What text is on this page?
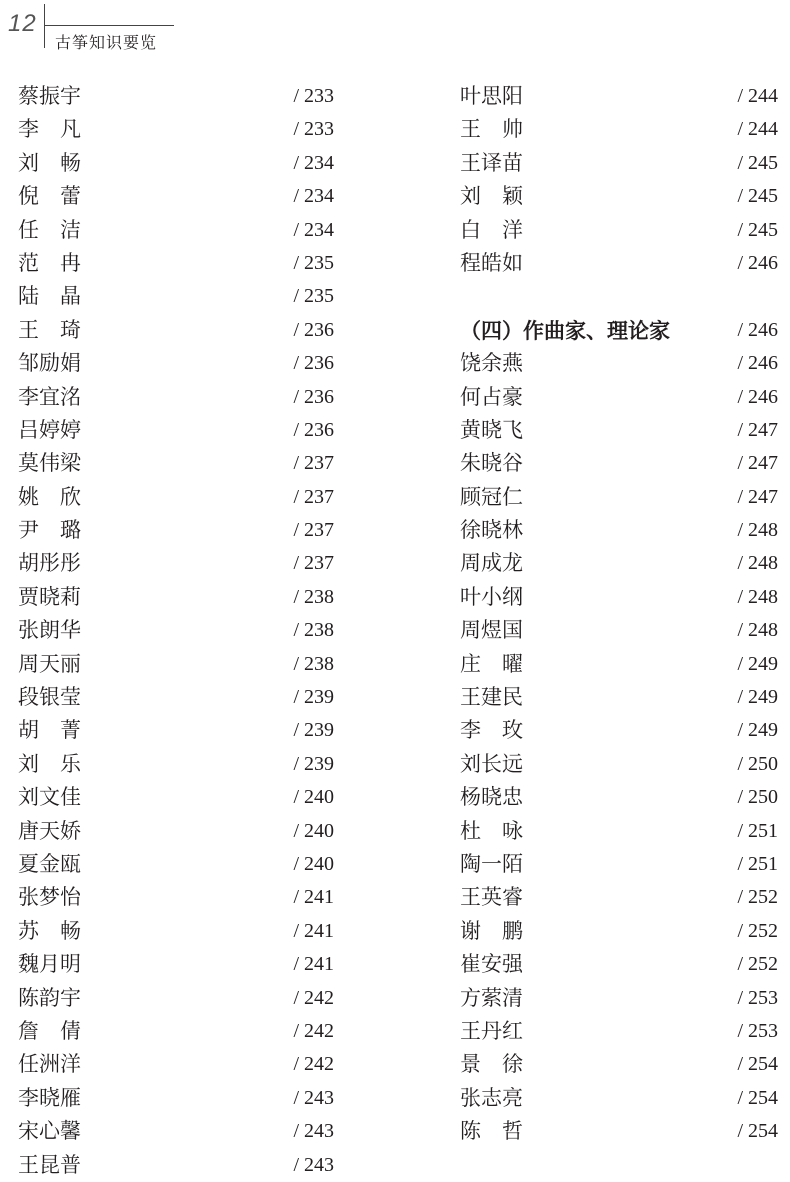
12
古筝知识要览
蔡振宇	/ 233
李　凡	/ 233
刘　畅	/ 234
倪　蕾	/ 234
任　洁	/ 234
范　冉	/ 235
陆　晶	/ 235
王　琦	/ 236
邹励娟	/ 236
李宜洺	/ 236
吕婷婷	/ 236
莫伟梁	/ 237
姚　欣	/ 237
尹　璐	/ 237
胡彤彤	/ 237
贾晓莉	/ 238
张朗华	/ 238
周天丽	/ 238
段银莹	/ 239
胡　菁	/ 239
刘　乐	/ 239
刘文佳	/ 240
唐天娇	/ 240
夏金瓯	/ 240
张梦怡	/ 241
苏　畅	/ 241
魏月明	/ 241
陈韵宇	/ 242
詹　倩	/ 242
任洲洋	/ 242
李晓雁	/ 243
宋心馨	/ 243
王昆普	/ 243
叶思阳	/ 244
王　帅	/ 244
王译苗	/ 245
刘　颖	/ 245
白　洋	/ 245
程皓如	/ 246
（四）作曲家、理论家	/ 246
饶余燕	/ 246
何占豪	/ 246
黄晓飞	/ 247
朱晓谷	/ 247
顾冠仁	/ 247
徐晓林	/ 248
周成龙	/ 248
叶小纲	/ 248
周煜国	/ 248
庄　曜	/ 249
王建民	/ 249
李　玫	/ 249
刘长远	/ 250
杨晓忠	/ 250
杜　咏	/ 251
陶一陌	/ 251
王英睿	/ 252
谢　鹏	/ 252
崔安强	/ 252
方萦清	/ 253
王丹红	/ 253
景　徐	/ 254
张志亮	/ 254
陈　哲	/ 254
